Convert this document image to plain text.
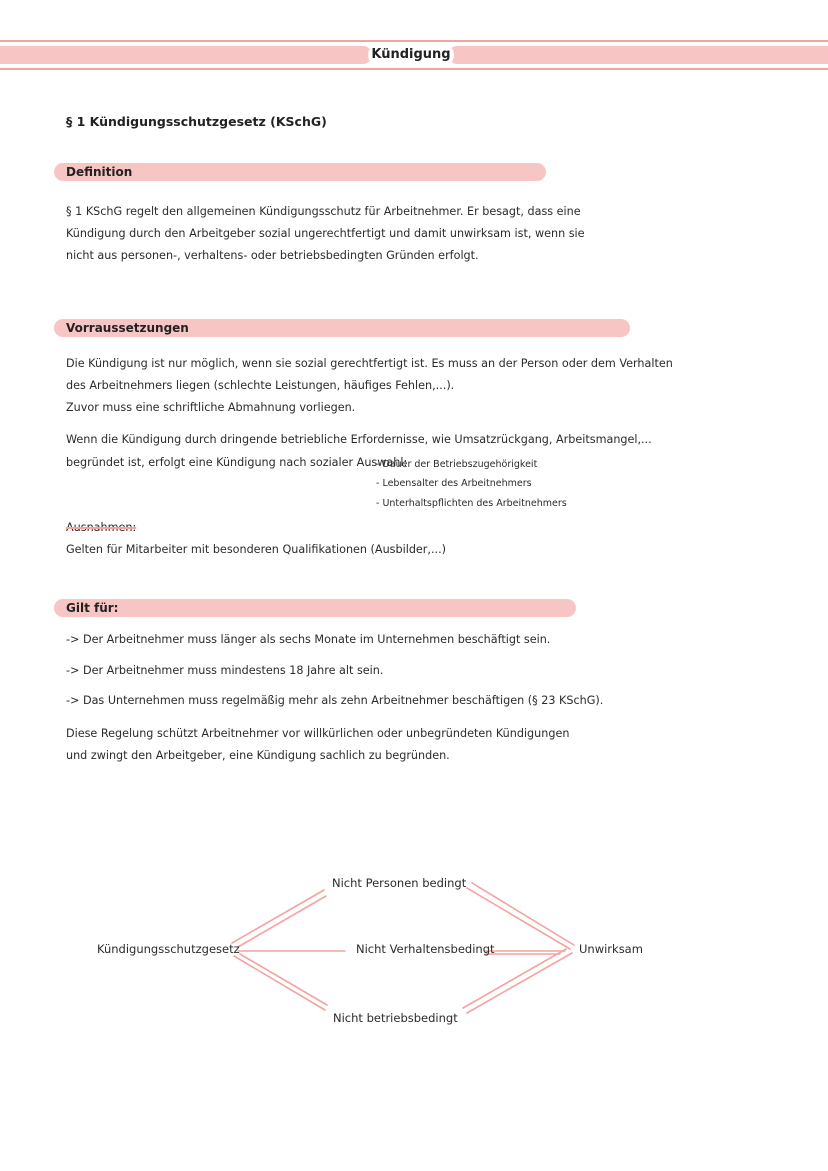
Kündigung
§ 1 Kündigungsschutzgesetz (KSchG)
Definition
§ 1 KSchG regelt den allgemeinen Kündigungsschutz für Arbeitnehmer. Er besagt, dass eine
Kündigung durch den Arbeitgeber sozial ungerechtfertigt und damit unwirksam ist, wenn sie
nicht aus personen-, verhaltens- oder betriebsbedingten Gründen erfolgt.
Vorraussetzungen
Die Kündigung ist nur möglich, wenn sie sozial gerechtfertigt ist. Es muss an der Person oder dem Verhalten
des Arbeitnehmers liegen (schlechte Leistungen, häufiges Fehlen,...).
Zuvor muss eine schriftliche Abmahnung vorliegen.
Wenn die Kündigung durch dringende betriebliche Erfordernisse, wie Umsatzrückgang, Arbeitsmangel,...
begründet ist, erfolgt eine Kündigung nach sozialer Auswahl:
- Dauer der Betriebszugehörigkeit
- Lebensalter des Arbeitnehmers
- Unterhaltspflichten des Arbeitnehmers
Ausnahmen:
Gelten für Mitarbeiter mit besonderen Qualifikationen (Ausbilder,...)
Gilt für:
-> Der Arbeitnehmer muss länger als sechs Monate im Unternehmen beschäftigt sein.
-> Der Arbeitnehmer muss mindestens 18 Jahre alt sein.
-> Das Unternehmen muss regelmäßig mehr als zehn Arbeitnehmer beschäftigen (§ 23 KSchG).
Diese Regelung schützt Arbeitnehmer vor willkürlichen oder unbegründeten Kündigungen
und zwingt den Arbeitgeber, eine Kündigung sachlich zu begründen.
Kündigungsschutzgesetz
Nicht Personen bedingt
Nicht Verhaltensbedingt
Nicht betriebsbedingt
Unwirksam
